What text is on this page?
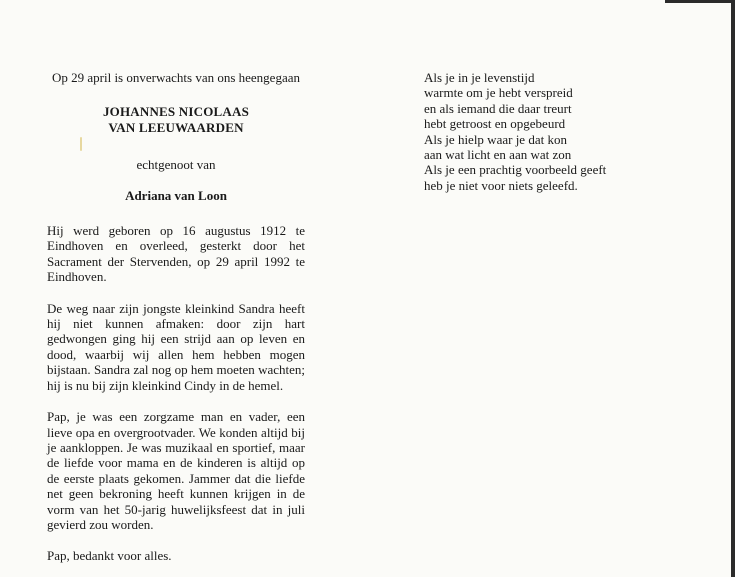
Op 29 april is onverwachts van ons heengegaan
JOHANNES NICOLAAS
VAN LEEUWAARDEN
echtgenoot van
Adriana van Loon

Hij werd geboren op 16 augustus 1912 te Eindhoven en overleed, gesterkt door het Sacrament der Stervenden, op 29 april 1992 te Eindhoven.

De weg naar zijn jongste kleinkind Sandra heeft hij niet kunnen afmaken: door zijn hart gedwongen ging hij een strijd aan op leven en dood, waarbij wij allen hem hebben mogen bijstaan. Sandra zal nog op hem moeten wachten; hij is nu bij zijn kleinkind Cindy in de hemel.

Pap, je was een zorgzame man en vader, een lieve opa en overgrootvader. We konden altijd bij je aankloppen. Je was muzikaal en sportief, maar de liefde voor mama en de kinderen is altijd op de eerste plaats gekomen. Jammer dat die liefde net geen bekroning heeft kunnen krijgen in de vorm van het 50-jarig huwelijksfeest dat in juli gevierd zou worden.

Pap, bedankt voor alles.

Als je in je levenstijd
warmte om je hebt verspreid
en als iemand die daar treurt
hebt getroost en opgebeurd
Als je hielp waar je dat kon
aan wat licht en aan wat zon
Als je een prachtig voorbeeld geeft
heb je niet voor niets geleefd.
